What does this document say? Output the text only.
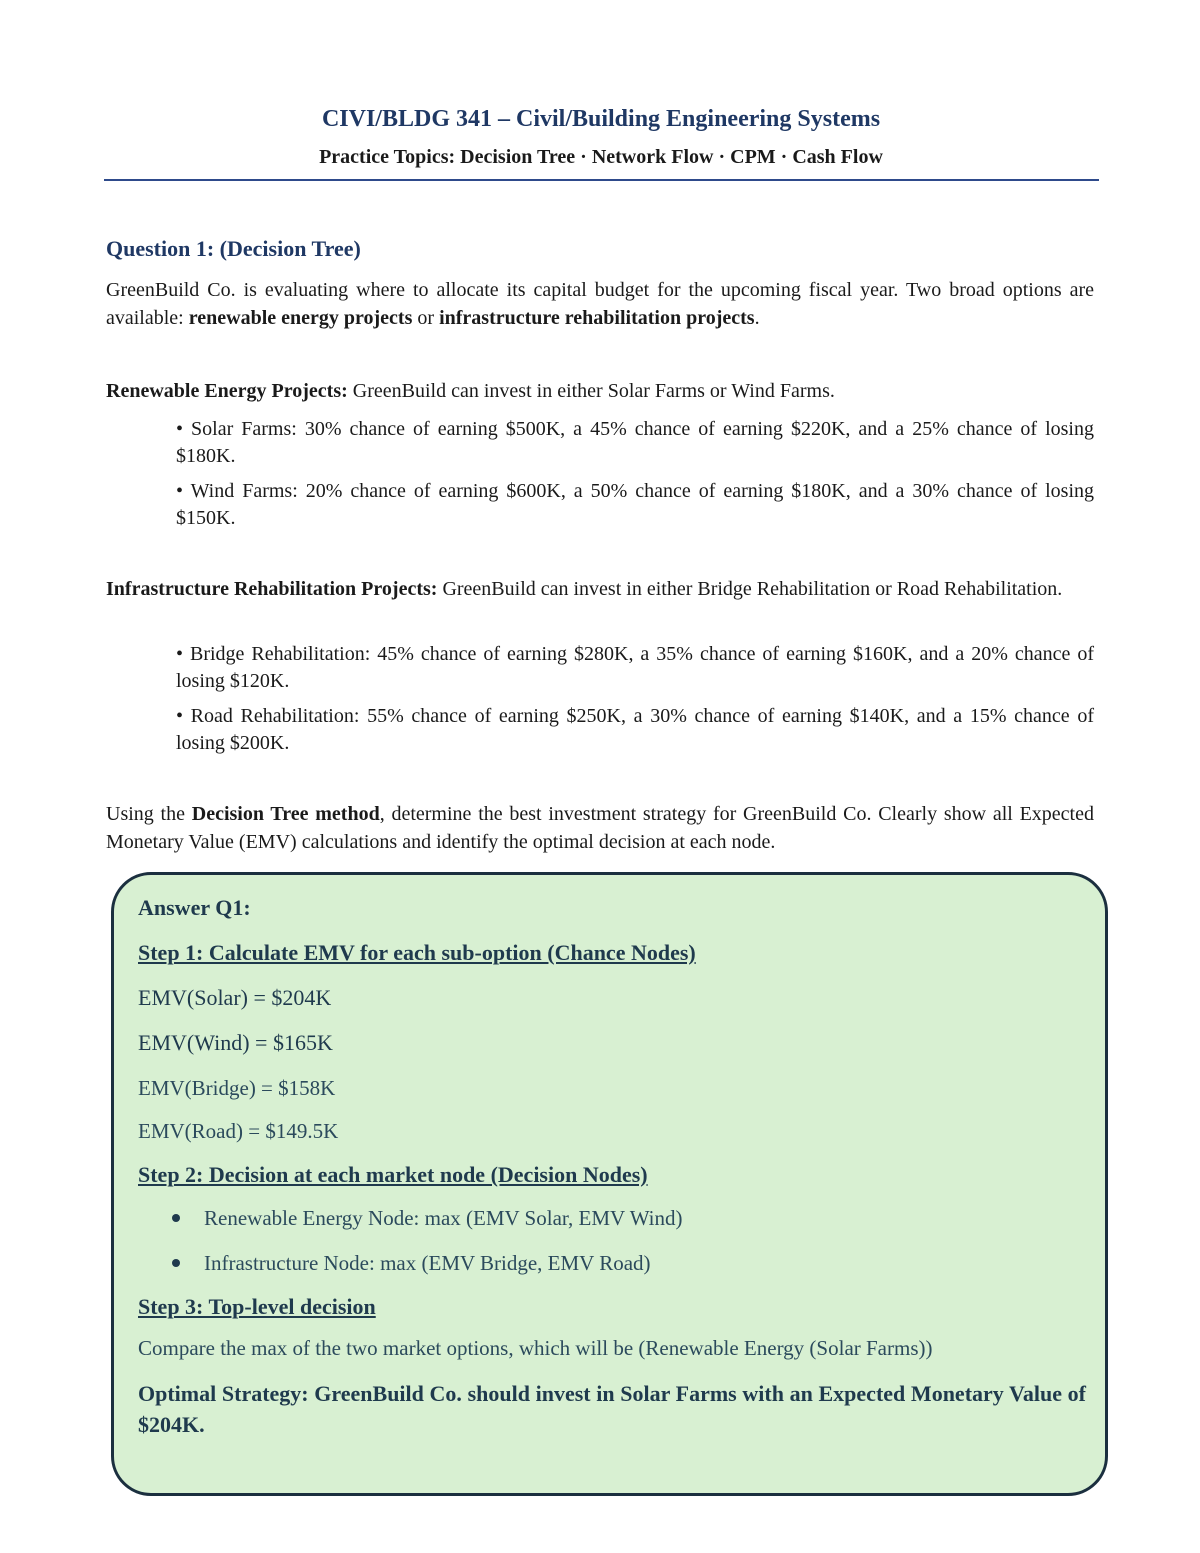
CIVI/BLDG 341 – Civil/Building Engineering Systems
Practice Topics: Decision Tree · Network Flow · CPM · Cash Flow
Question 1: (Decision Tree)
GreenBuild Co. is evaluating where to allocate its capital budget for the upcoming fiscal year. Two broad options are available: renewable energy projects or infrastructure rehabilitation projects.
Renewable Energy Projects: GreenBuild can invest in either Solar Farms or Wind Farms.
• Solar Farms: 30% chance of earning $500K, a 45% chance of earning $220K, and a 25% chance of losing $180K.
• Wind Farms: 20% chance of earning $600K, a 50% chance of earning $180K, and a 30% chance of losing $150K.
Infrastructure Rehabilitation Projects: GreenBuild can invest in either Bridge Rehabilitation or Road Rehabilitation.
• Bridge Rehabilitation: 45% chance of earning $280K, a 35% chance of earning $160K, and a 20% chance of losing $120K.
• Road Rehabilitation: 55% chance of earning $250K, a 30% chance of earning $140K, and a 15% chance of losing $200K.
Using the Decision Tree method, determine the best investment strategy for GreenBuild Co. Clearly show all Expected Monetary Value (EMV) calculations and identify the optimal decision at each node.
Answer Q1:
Step 1: Calculate EMV for each sub-option (Chance Nodes)
EMV(Solar) = $204K
EMV(Wind) = $165K
EMV(Bridge) = $158K
EMV(Road) = $149.5K
Step 2: Decision at each market node (Decision Nodes)
Renewable Energy Node: max (EMV Solar, EMV Wind)
Infrastructure Node: max (EMV Bridge, EMV Road)
Step 3: Top-level decision
Compare the max of the two market options, which will be (Renewable Energy (Solar Farms))
Optimal Strategy: GreenBuild Co. should invest in Solar Farms with an Expected Monetary Value of $204K.
